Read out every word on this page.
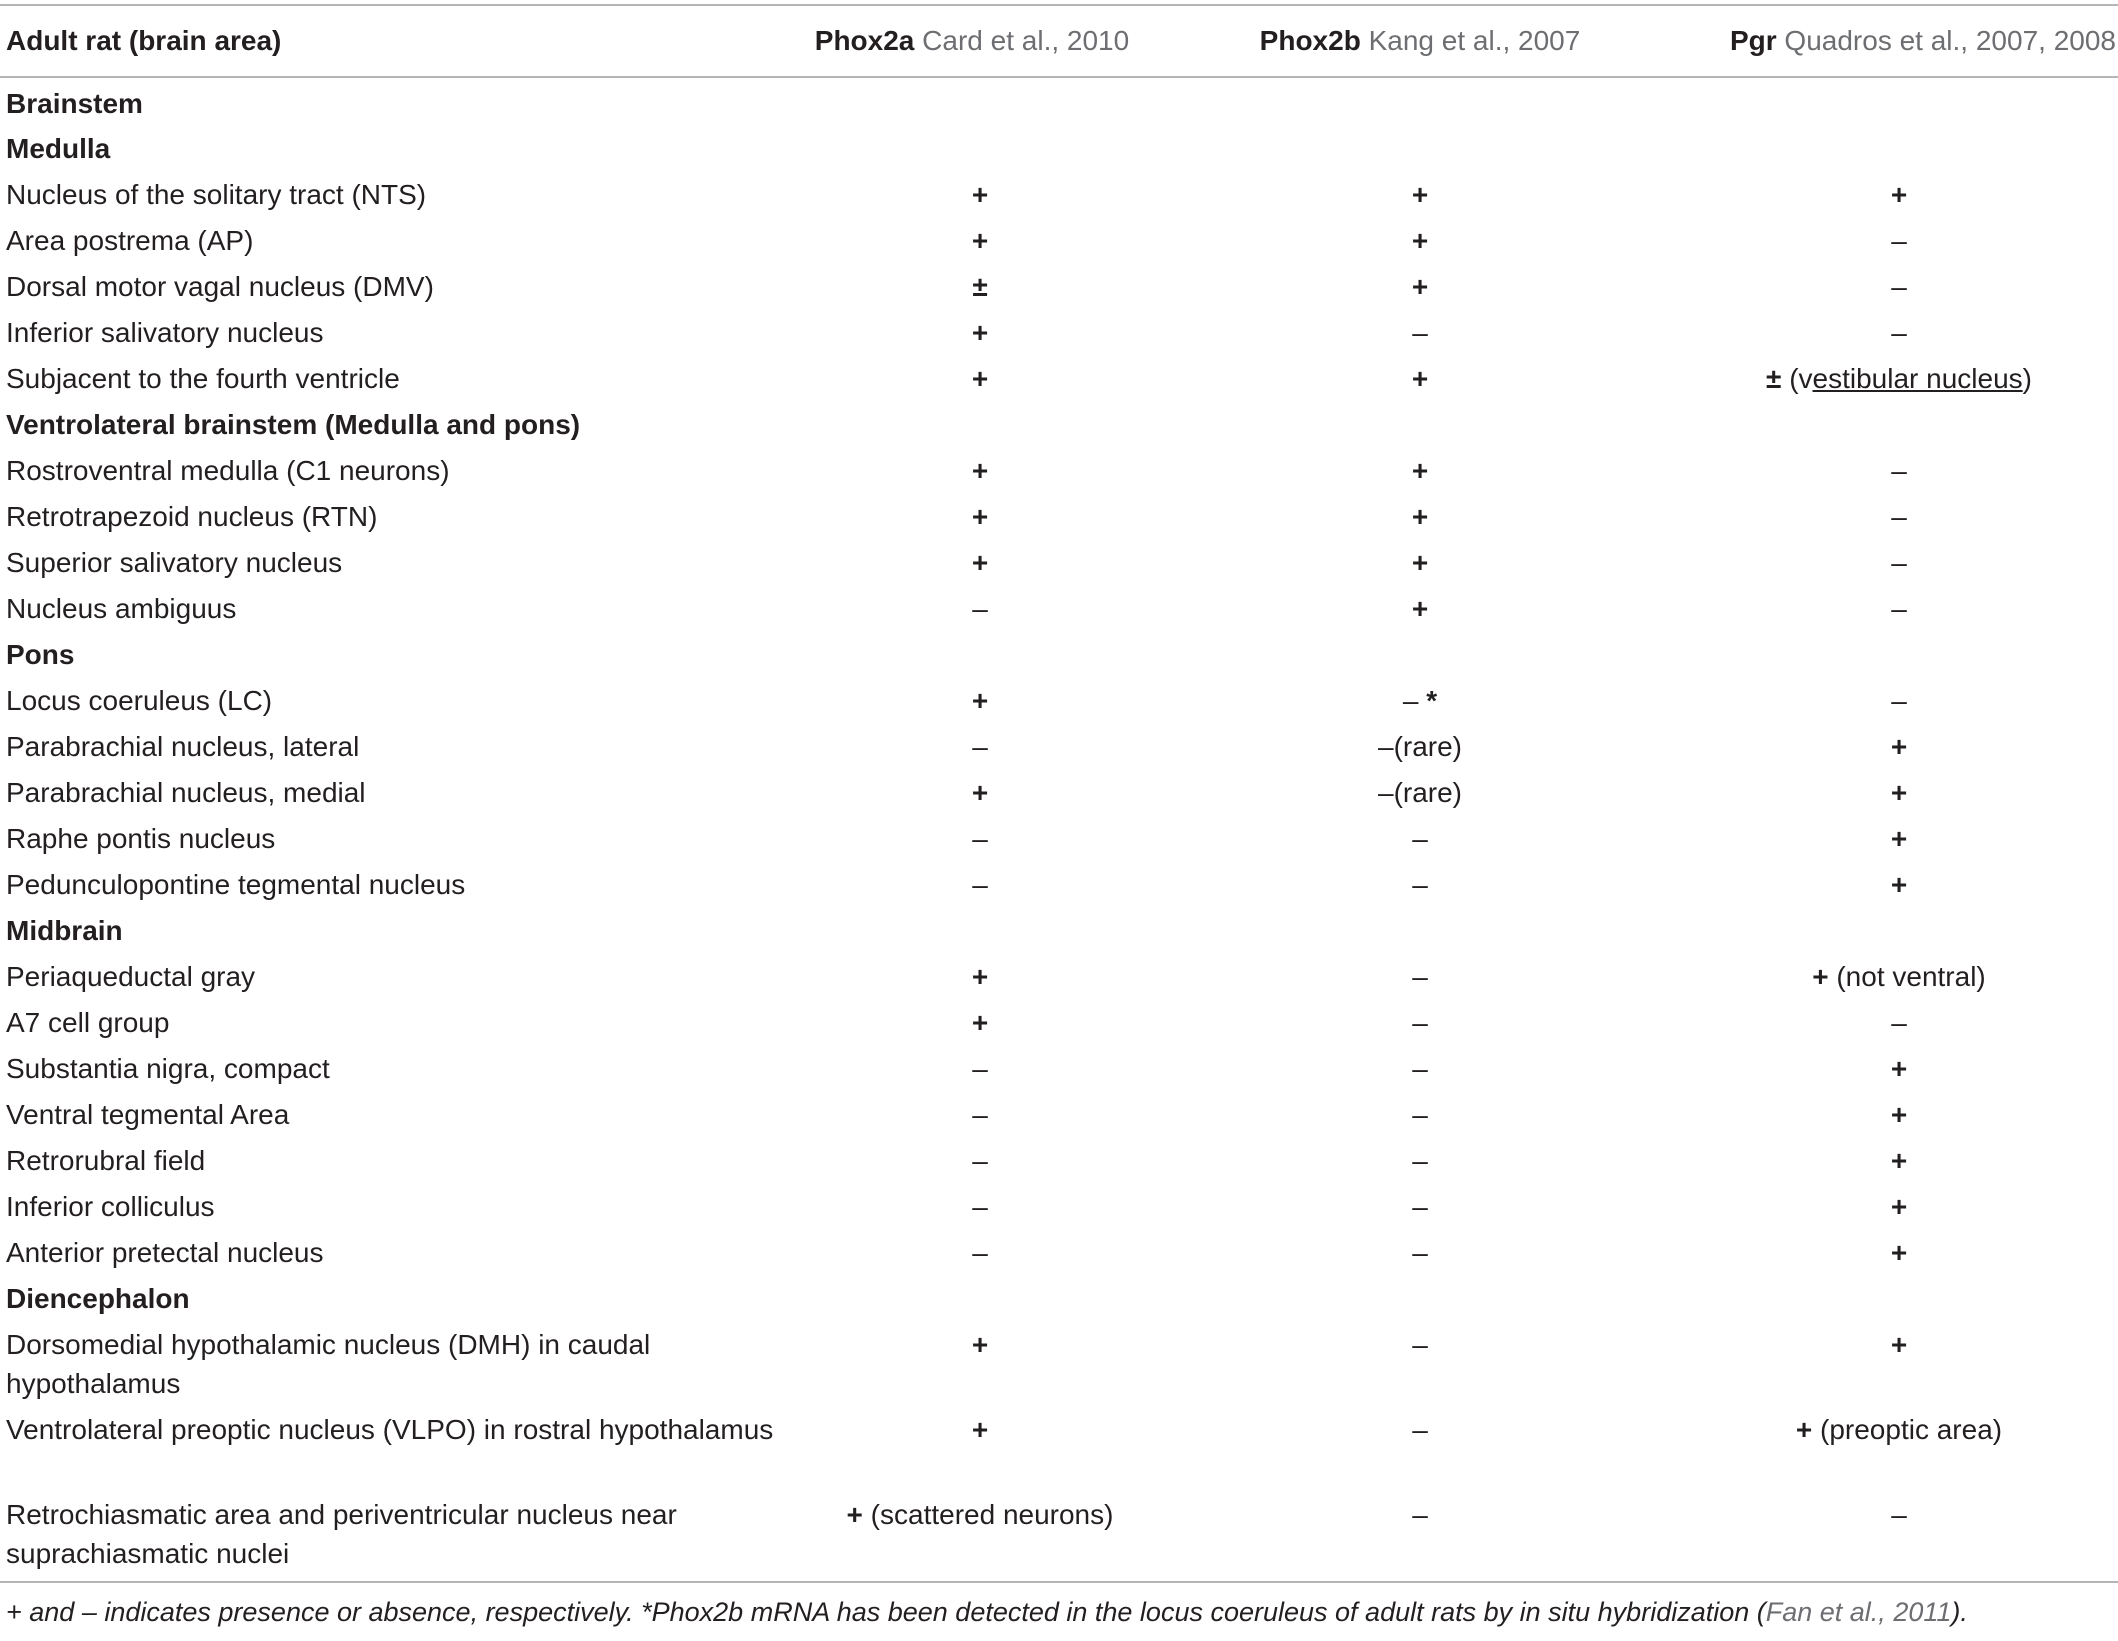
Adult rat (brain area)	Phox2a Card et al., 2010	Phox2b Kang et al., 2007	Pgr Quadros et al., 2007, 2008
Brainstem			
Medulla			
Nucleus of the solitary tract (NTS)	+	+	+
Area postrema (AP)	+	+	–
Dorsal motor vagal nucleus (DMV)	±	+	–
Inferior salivatory nucleus	+	–	–
Subjacent to the fourth ventricle	+	+	± (vestibular nucleus)
Ventrolateral brainstem (Medulla and pons)			
Rostroventral medulla (C1 neurons)	+	+	–
Retrotrapezoid nucleus (RTN)	+	+	–
Superior salivatory nucleus	+	+	–
Nucleus ambiguus	–	+	–
Pons			
Locus coeruleus (LC)	+	– *	–
Parabrachial nucleus, lateral	–	–(rare)	+
Parabrachial nucleus, medial	+	–(rare)	+
Raphe pontis nucleus	–	–	+
Pedunculopontine tegmental nucleus	–	–	+
Midbrain			
Periaqueductal gray	+	–	+ (not ventral)
A7 cell group	+	–	–
Substantia nigra, compact	–	–	+
Ventral tegmental Area	–	–	+
Retrorubral field	–	–	+
Inferior colliculus	–	–	+
Anterior pretectal nucleus	–	–	+
Diencephalon			
Dorsomedial hypothalamic nucleus (DMH) in caudal hypothalamus	+	–	+
Ventrolateral preoptic nucleus (VLPO) in rostral hypothalamus	+	–	+ (preoptic area)
Retrochiasmatic area and periventricular nucleus near suprachiasmatic nuclei	+ (scattered neurons)	–	–
+ and – indicates presence or absence, respectively. *Phox2b mRNA has been detected in the locus coeruleus of adult rats by in situ hybridization (Fan et al., 2011).
